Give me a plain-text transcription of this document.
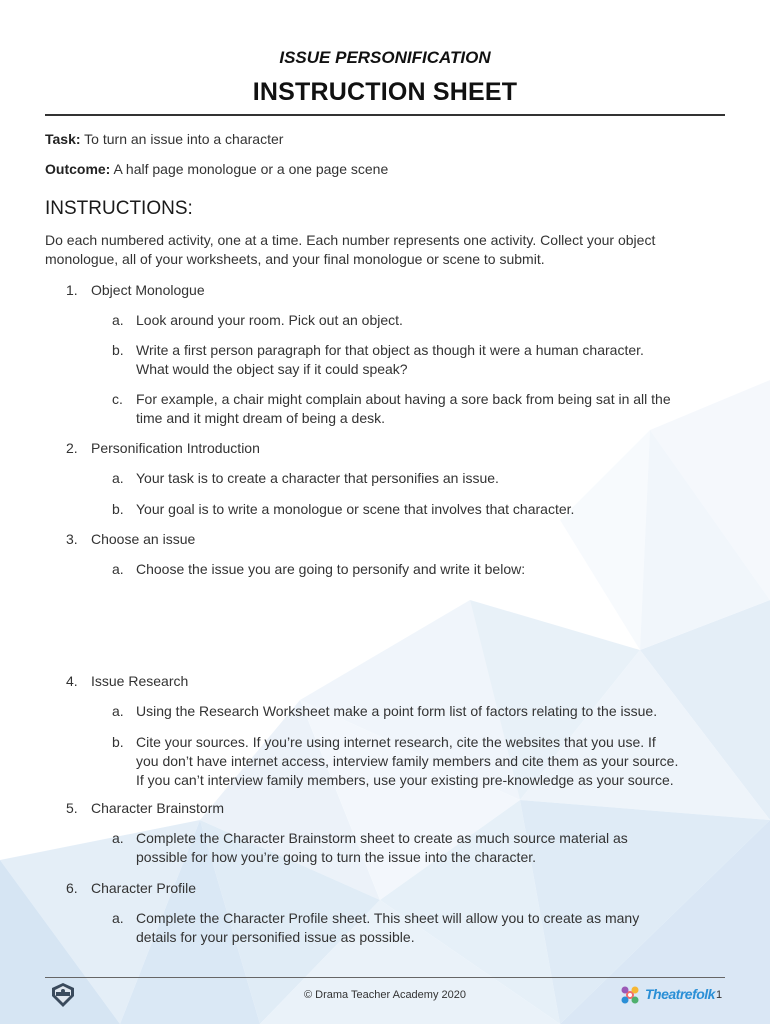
ISSUE PERSONIFICATION
INSTRUCTION SHEET
Task: To turn an issue into a character
Outcome: A half page monologue or a one page scene
INSTRUCTIONS:
Do each numbered activity, one at a time. Each number represents one activity. Collect your object
monologue, all of your worksheets, and your final monologue or scene to submit.
1. Object Monologue
a. Look around your room. Pick out an object.
b. Write a first person paragraph for that object as though it were a human character.
What would the object say if it could speak?
c. For example, a chair might complain about having a sore back from being sat in all the
time and it might dream of being a desk.
2. Personification Introduction
a. Your task is to create a character that personifies an issue.
b. Your goal is to write a monologue or scene that involves that character.
3. Choose an issue
a. Choose the issue you are going to personify and write it below:
4. Issue Research
a. Using the Research Worksheet make a point form list of factors relating to the issue.
b. Cite your sources. If you’re using internet research, cite the websites that you use. If
you don’t have internet access, interview family members and cite them as your source.
If you can’t interview family members, use your existing pre-knowledge as your source.
5. Character Brainstorm
a. Complete the Character Brainstorm sheet to create as much source material as
possible for how you’re going to turn the issue into the character.
6. Character Profile
a. Complete the Character Profile sheet. This sheet will allow you to create as many
details for your personified issue as possible.
© Drama Teacher Academy 2020	Theatrefolk 1
